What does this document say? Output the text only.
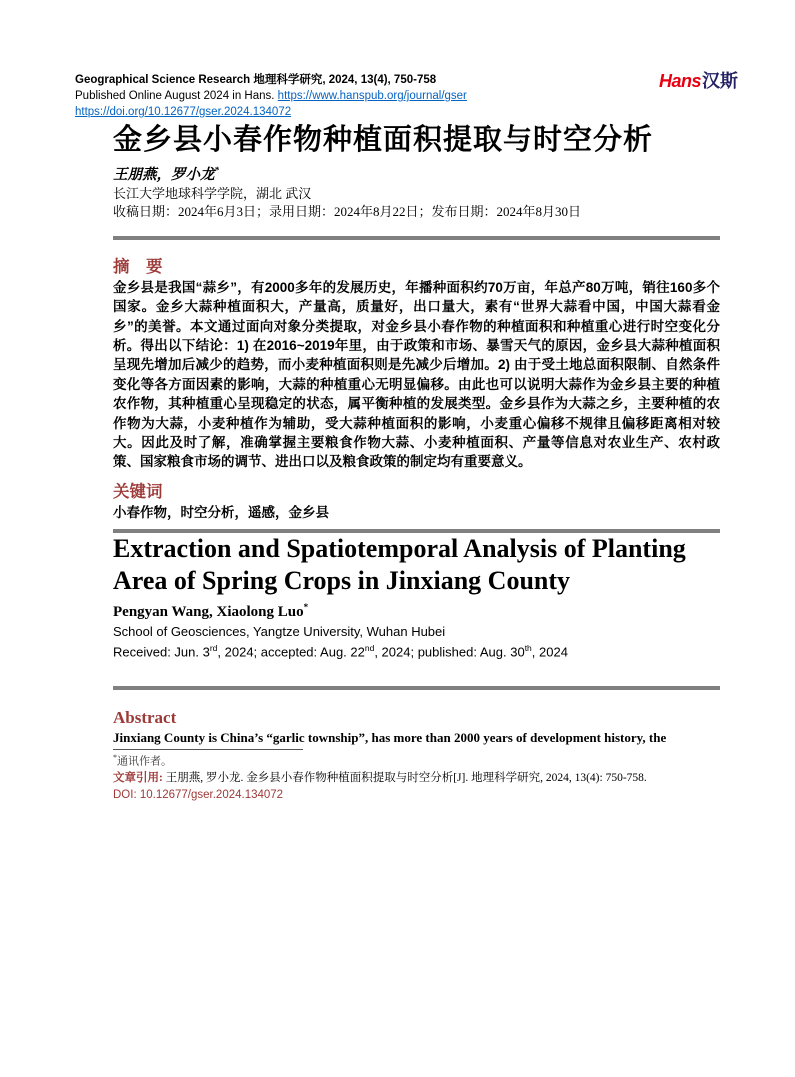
Geographical Science Research 地理科学研究, 2024, 13(4), 750-758
Published Online August 2024 in Hans. https://www.hanspub.org/journal/gser
https://doi.org/10.12677/gser.2024.134072
Hans汉斯
金乡县小春作物种植面积提取与时空分析

王朋燕，罗小龙*

长江大学地球科学学院，湖北 武汉

收稿日期：2024年6月3日；录用日期：2024年8月22日；发布日期：2024年8月30日

摘　要

金乡县是我国“蒜乡”，有2000多年的发展历史，年播种面积约70万亩，年总产80万吨，销往160多个国家。金乡大蒜种植面积大，产量高，质量好，出口量大，素有“世界大蒜看中国，中国大蒜看金乡”的美誉。本文通过面向对象分类提取，对金乡县小春作物的种植面积和种植重心进行时空变化分析。得出以下结论：1) 在2016~2019年里，由于政策和市场、暴雪天气的原因，金乡县大蒜种植面积呈现先增加后减少的趋势，而小麦种植面积则是先减少后增加。2) 由于受土地总面积限制、自然条件变化等各方面因素的影响，大蒜的种植重心无明显偏移。由此也可以说明大蒜作为金乡县主要的种植农作物，其种植重心呈现稳定的状态，属平衡种植的发展类型。金乡县作为大蒜之乡，主要种植的农作物为大蒜，小麦种植作为辅助，受大蒜种植面积的影响，小麦重心偏移不规律且偏移距离相对较大。因此及时了解，准确掌握主要粮食作物大蒜、小麦种植面积、产量等信息对农业生产、农村政策、国家粮食市场的调节、进出口以及粮食政策的制定均有重要意义。

关键词

小春作物，时空分析，遥感，金乡县

Extraction and Spatiotemporal Analysis of Planting Area of Spring Crops in Jinxiang County

Pengyan Wang, Xiaolong Luo*

School of Geosciences, Yangtze University, Wuhan Hubei

Received: Jun. 3rd, 2024; accepted: Aug. 22nd, 2024; published: Aug. 30th, 2024

Abstract

Jinxiang County is China’s “garlic township”, has more than 2000 years of development history, the

*通讯作者。

文章引用: 王朋燕, 罗小龙. 金乡县小春作物种植面积提取与时空分析[J]. 地理科学研究, 2024, 13(4): 750-758.

DOI: 10.12677/gser.2024.134072
